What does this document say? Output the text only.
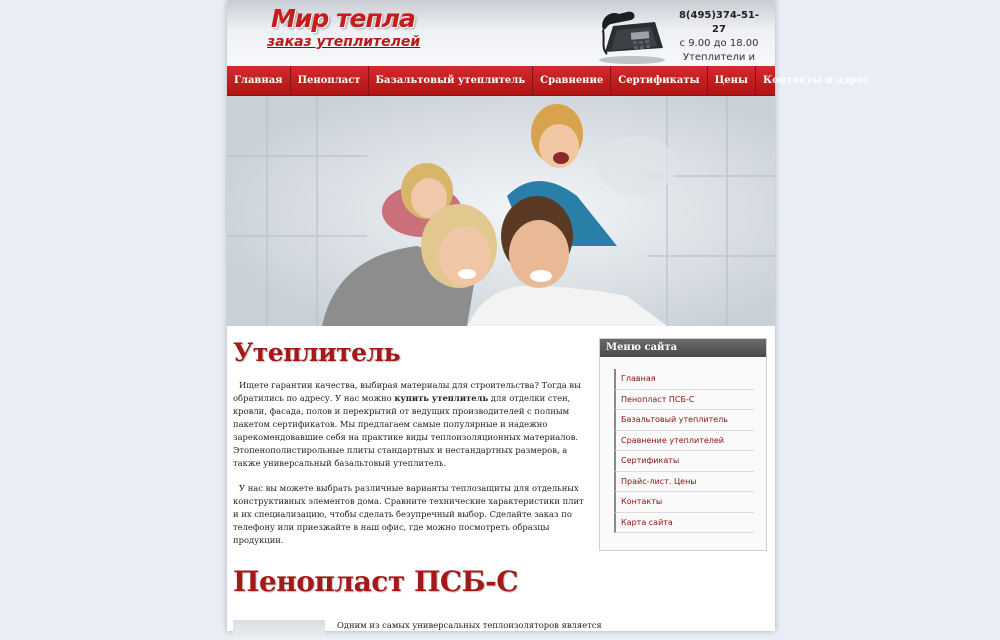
Мир тепла
заказ утеплителей
8(495)374-51-27
с 9.00 до 18.00
Утеплители и
Главная	Пенопласт	Базальтовый утеплитель	Сравнение	Сертификаты	Цены	Контакты и адрес
Утеплитель

Ищете гарантии качества, выбирая материалы для строительства? Тогда вы обратились по адресу. У нас можно купить утеплитель для отделки стен, кровли, фасада, полов и перекрытий от ведущих производителей с полным пакетом сертификатов. Мы предлагаем самые популярные и надежно зарекомендовавшие себя на практике виды теплоизоляционных материалов. Этопенополистирольные плиты стандартных и нестандартных размеров, а также универсальный базальтовый утеплитель.

У нас вы можете выбрать различные варианты теплозащиты для отдельных конструктивных элементов дома. Сравните технические характеристики плит и их специализацию, чтобы сделать безупречный выбор. Сделайте заказ по телефону или приезжайте в наш офис, где можно посмотреть образцы продукции.

Пенопласт ПСБ-С
Одним из самых универсальных теплоизоляторов является
Меню сайта
Главная
Пенопласт ПСБ-С
Базальтовый утеплитель
Сравнение утеплителей
Сертификаты
Прайс-лист. Цены
Контакты
Карта сайта
